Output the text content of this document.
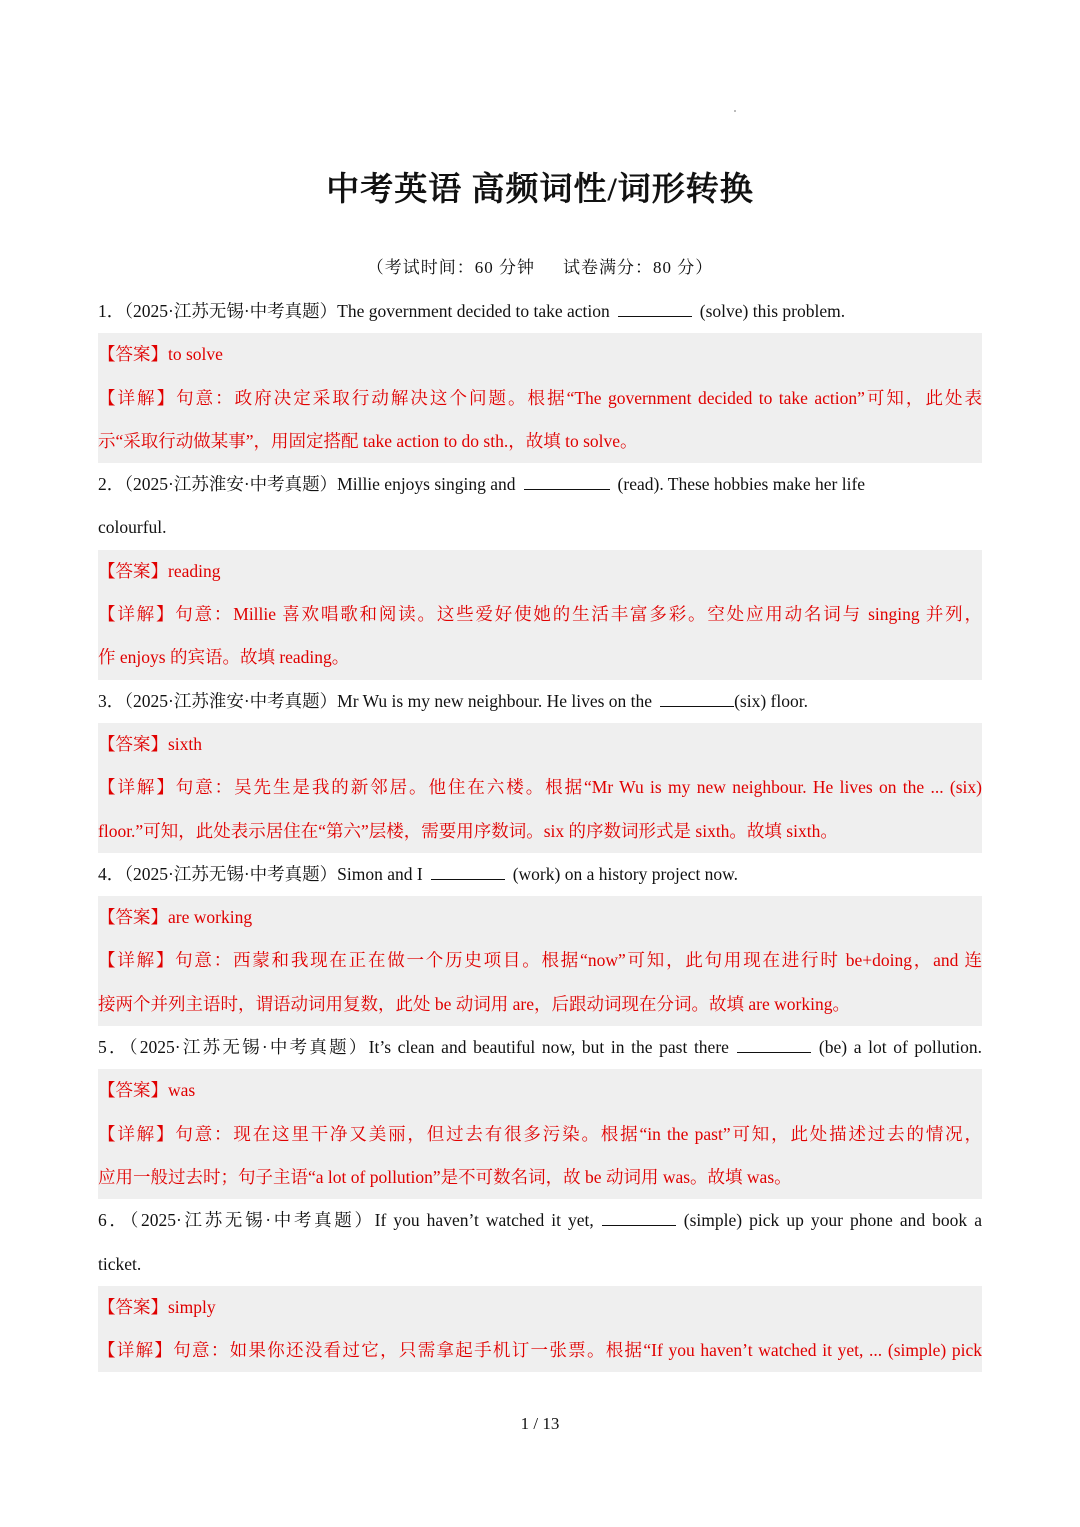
中考英语 高频词性/词形转换
（考试时间：60 分钟 试卷满分：80 分）

1．（2025·江苏无锡·中考真题）The government decided to take action	(solve) this problem.

【答案】to solve

【详解】句意：政府决定采取行动解决这个问题。根据“The government decided to take action”可知，此处表

示“采取行动做某事”，用固定搭配 take action to do sth.，故填 to solve。

2．（2025·江苏淮安·中考真题）Millie enjoys singing and	(read). These hobbies make her life

colourful.

【答案】reading

【详解】句意：Millie 喜欢唱歌和阅读。这些爱好使她的生活丰富多彩。空处应用动名词与 singing 并列，

作 enjoys 的宾语。故填 reading。

3．（2025·江苏淮安·中考真题）Mr Wu is my new neighbour. He lives on the	(six) floor.

【答案】sixth

【详解】句意：吴先生是我的新邻居。他住在六楼。根据“Mr Wu is my new neighbour. He lives on the ... (six)

floor.”可知，此处表示居住在“第六”层楼，需要用序数词。six 的序数词形式是 sixth。故填 sixth。

4．（2025·江苏无锡·中考真题）Simon and I	(work) on a history project now.

【答案】are working

【详解】句意：西蒙和我现在正在做一个历史项目。根据“now”可知，此句用现在进行时 be+doing，and 连

接两个并列主语时，谓语动词用复数，此处 be 动词用 are，后跟动词现在分词。故填 are working。

5．（2025·江苏无锡·中考真题）It’s clean and beautiful now, but in the past there	(be) a lot of pollution.

【答案】was

【详解】句意：现在这里干净又美丽，但过去有很多污染。根据“in the past”可知，此处描述过去的情况，

应用一般过去时；句子主语“a lot of pollution”是不可数名词，故 be 动词用 was。故填 was。

6．（2025·江苏无锡·中考真题）If you haven’t watched it yet,	(simple) pick up your phone and book a

ticket.

【答案】simply

【详解】句意：如果你还没看过它，只需拿起手机订一张票。根据“If you haven’t watched it yet, ... (simple) pick

1 / 13
